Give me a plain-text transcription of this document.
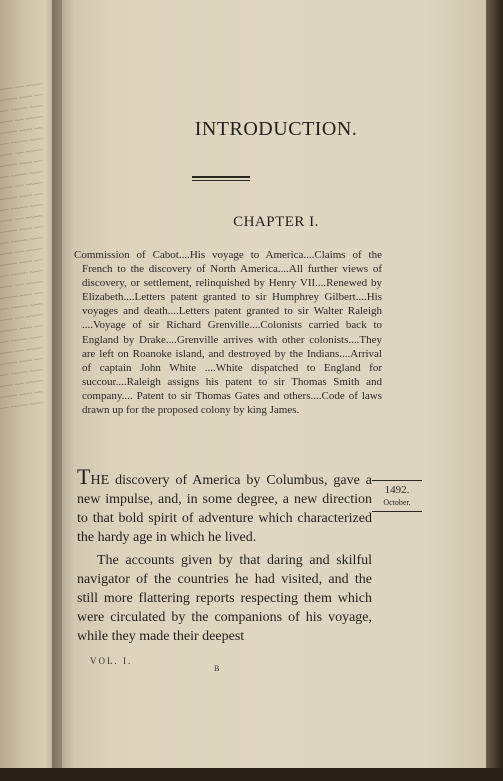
~~~ ~~ ~~~~
~~~~ ~~~ ~~
~~ ~~~~ ~~~
~~~ ~~ ~~~~
~~~~ ~~~ ~~
~~ ~~~~ ~~~
~~~ ~~ ~~~~
~~~~ ~~~ ~~
~~ ~~~~ ~~~
~~~ ~~ ~~~~
~~~~ ~~~ ~~
~~ ~~~~ ~~~
~~~ ~~ ~~~~
~~~~ ~~~ ~~
~~ ~~~~ ~~~
~~~ ~~ ~~~~
~~~~ ~~~ ~~
~~ ~~~~ ~~~
~~~ ~~ ~~~~
~~~~ ~~~ ~~
~~ ~~~~ ~~~
~~~ ~~ ~~~~
~~~~ ~~~ ~~
~~ ~~~~ ~~~
~~~ ~~ ~~~~
~~~~ ~~~ ~~
~~ ~~~~ ~~~
~~~ ~~ ~~~~
~~~~ ~~~ ~~
~~ ~~~~ ~~~
INTRODUCTION.
CHAPTER I.
Commission of Cabot....His voyage to America....Claims of the French to the discovery of North America....All further views of discovery, or settlement, relinquished by Henry VII....Renewed by Elizabeth....Letters patent granted to sir Humphrey Gilbert....His voyages and death....Letters patent granted to sir Walter Raleigh ....Voyage of sir Richard Grenville....Colonists carried back to England by Drake....Grenville arrives with other colonists....They are left on Roanoke island, and destroyed by the Indians....Arrival of captain John White ....White dispatched to England for succour....Raleigh assigns his patent to sir Thomas Smith and company.... Patent to sir Thomas Gates and others....Code of laws drawn up for the proposed colony by king James.

THE discovery of America by Columbus, gave a new impulse, and, in some degree, a new direction to that bold spirit of adventure which characterized the hardy age in which he lived.

The accounts given by that daring and skilful navigator of the countries he had visited, and the still more flattering reports respecting them which were circulated by the companions of his voyage, while they made their deepest

1492.
October.
VOL. I.
B
